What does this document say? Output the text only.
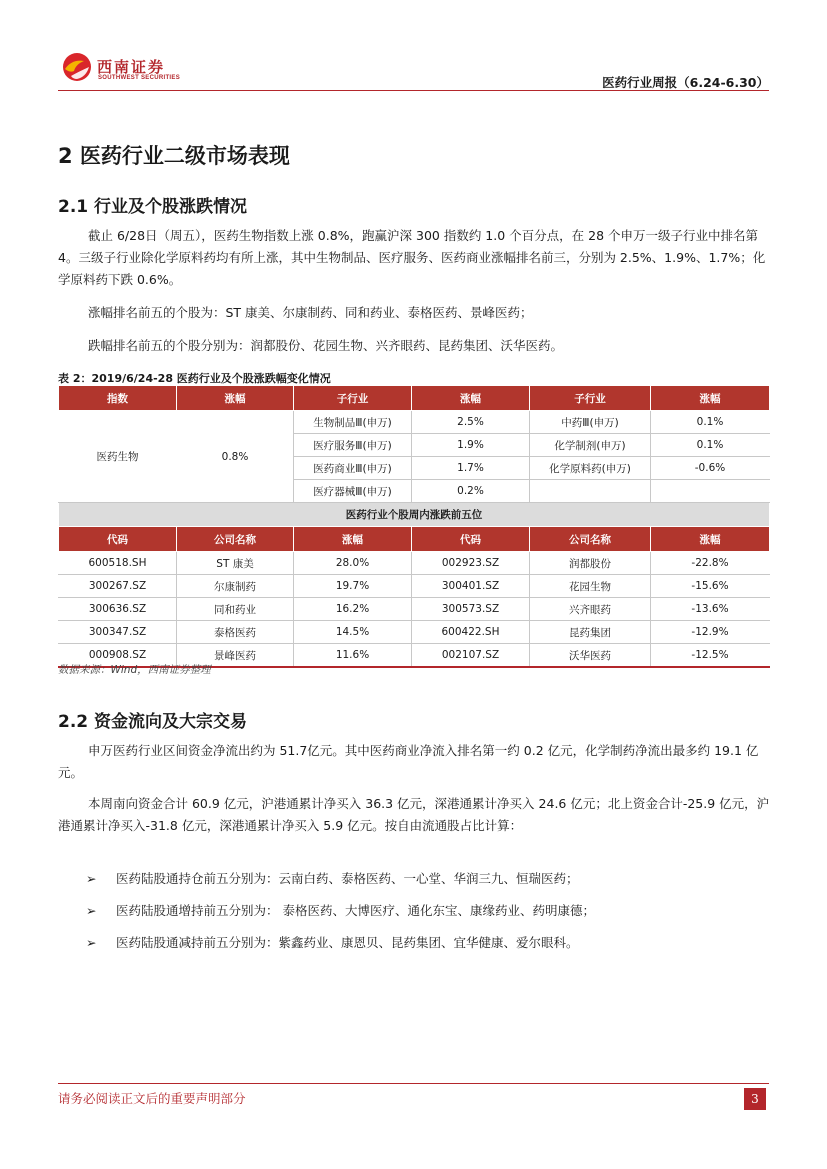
西南证券
SOUTHWEST SECURITIES	医药行业周报（6.24-6.30）
2 医药行业二级市场表现
2.1 行业及个股涨跌情况

截止 6/28日（周五），医药生物指数上涨 0.8%，跑赢沪深 300 指数约 1.0 个百分点，在 28 个申万一级子行业中排名第 4。三级子行业除化学原料药均有所上涨，其中生物制品、医疗服务、医药商业涨幅排名前三，分别为 2.5%、1.9%、1.7%；化学原料药下跌 0.6%。

涨幅排名前五的个股为：ST 康美、尔康制药、同和药业、泰格医药、景峰医药；

跌幅排名前五的个股分别为：润都股份、花园生物、兴齐眼药、昆药集团、沃华医药。

表 2：2019/6/24-28 医药行业及个股涨跌幅变化情况
指数	涨幅	子行业	涨幅	子行业	涨幅
医药生物	0.8%	生物制品Ⅲ(申万)	2.5%	中药Ⅲ(申万)	0.1%
		医疗服务Ⅲ(申万)	1.9%	化学制剂(申万)	0.1%
		医药商业Ⅲ(申万)	1.7%	化学原料药(申万)	-0.6%
		医疗器械Ⅲ(申万)	0.2%		
医药行业个股周内涨跌前五位					
代码	公司名称	涨幅	代码	公司名称	涨幅
600518.SH	ST 康美	28.0%	002923.SZ	润都股份	-22.8%
300267.SZ	尔康制药	19.7%	300401.SZ	花园生物	-15.6%
300636.SZ	同和药业	16.2%	300573.SZ	兴齐眼药	-13.6%
300347.SZ	泰格医药	14.5%	600422.SH	昆药集团	-12.9%
000908.SZ	景峰医药	11.6%	002107.SZ	沃华医药	-12.5%
数据来源：Wind，西南证券整理
2.2 资金流向及大宗交易

申万医药行业区间资金净流出约为 51.7亿元。其中医药商业净流入排名第一约 0.2 亿元，化学制药净流出最多约 19.1 亿元。

本周南向资金合计 60.9 亿元，沪港通累计净买入 36.3 亿元，深港通累计净买入 24.6 亿元；北上资金合计-25.9 亿元，沪港通累计净买入-31.8 亿元，深港通累计净买入 5.9 亿元。按自由流通股占比计算：

➢ 医药陆股通持仓前五分别为：云南白药、泰格医药、一心堂、华润三九、恒瑞医药；
➢ 医药陆股通增持前五分别为： 泰格医药、大博医疗、通化东宝、康缘药业、药明康德；
➢ 医药陆股通减持前五分别为：紫鑫药业、康恩贝、昆药集团、宜华健康、爱尔眼科。
请务必阅读正文后的重要声明部分	3
